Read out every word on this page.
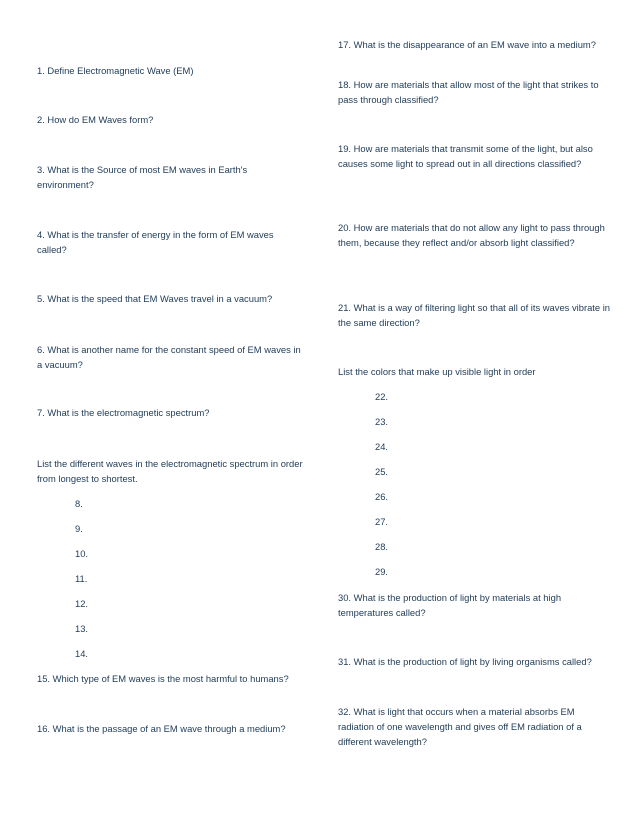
1. Define Electromagnetic Wave (EM)

2. How do EM Waves form?

3. What is the Source of most EM waves in Earth's environment?

4. What is the transfer of energy in the form of EM waves called?

5. What is the speed that EM Waves travel in a vacuum?

6. What is another name for the constant speed of EM waves in a vacuum?

7. What is the electromagnetic spectrum?

List the different waves in the electromagnetic spectrum in order from longest to shortest.

8.

9.

10.

11.

12.

13.

14.

15. Which type of EM waves is the most harmful to humans?

16. What is the passage of an EM wave through a medium?

17. What is the disappearance of an EM wave into a medium?

18. How are materials that allow most of the light that strikes to pass through classified?

19. How are materials that transmit some of the light, but also causes some light to spread out in all directions classified?

20. How are materials that do not allow any light to pass through them, because they reflect and/or absorb light classified?

21. What is a way of filtering light so that all of its waves vibrate in the same direction?

List the colors that make up visible light in order

22.

23.

24.

25.

26.

27.

28.

29.

30. What is the production of light by materials at high temperatures called?

31. What is the production of light by living organisms called?

32. What is light that occurs when a material absorbs EM radiation of one wavelength and gives off EM radiation of a different wavelength?
